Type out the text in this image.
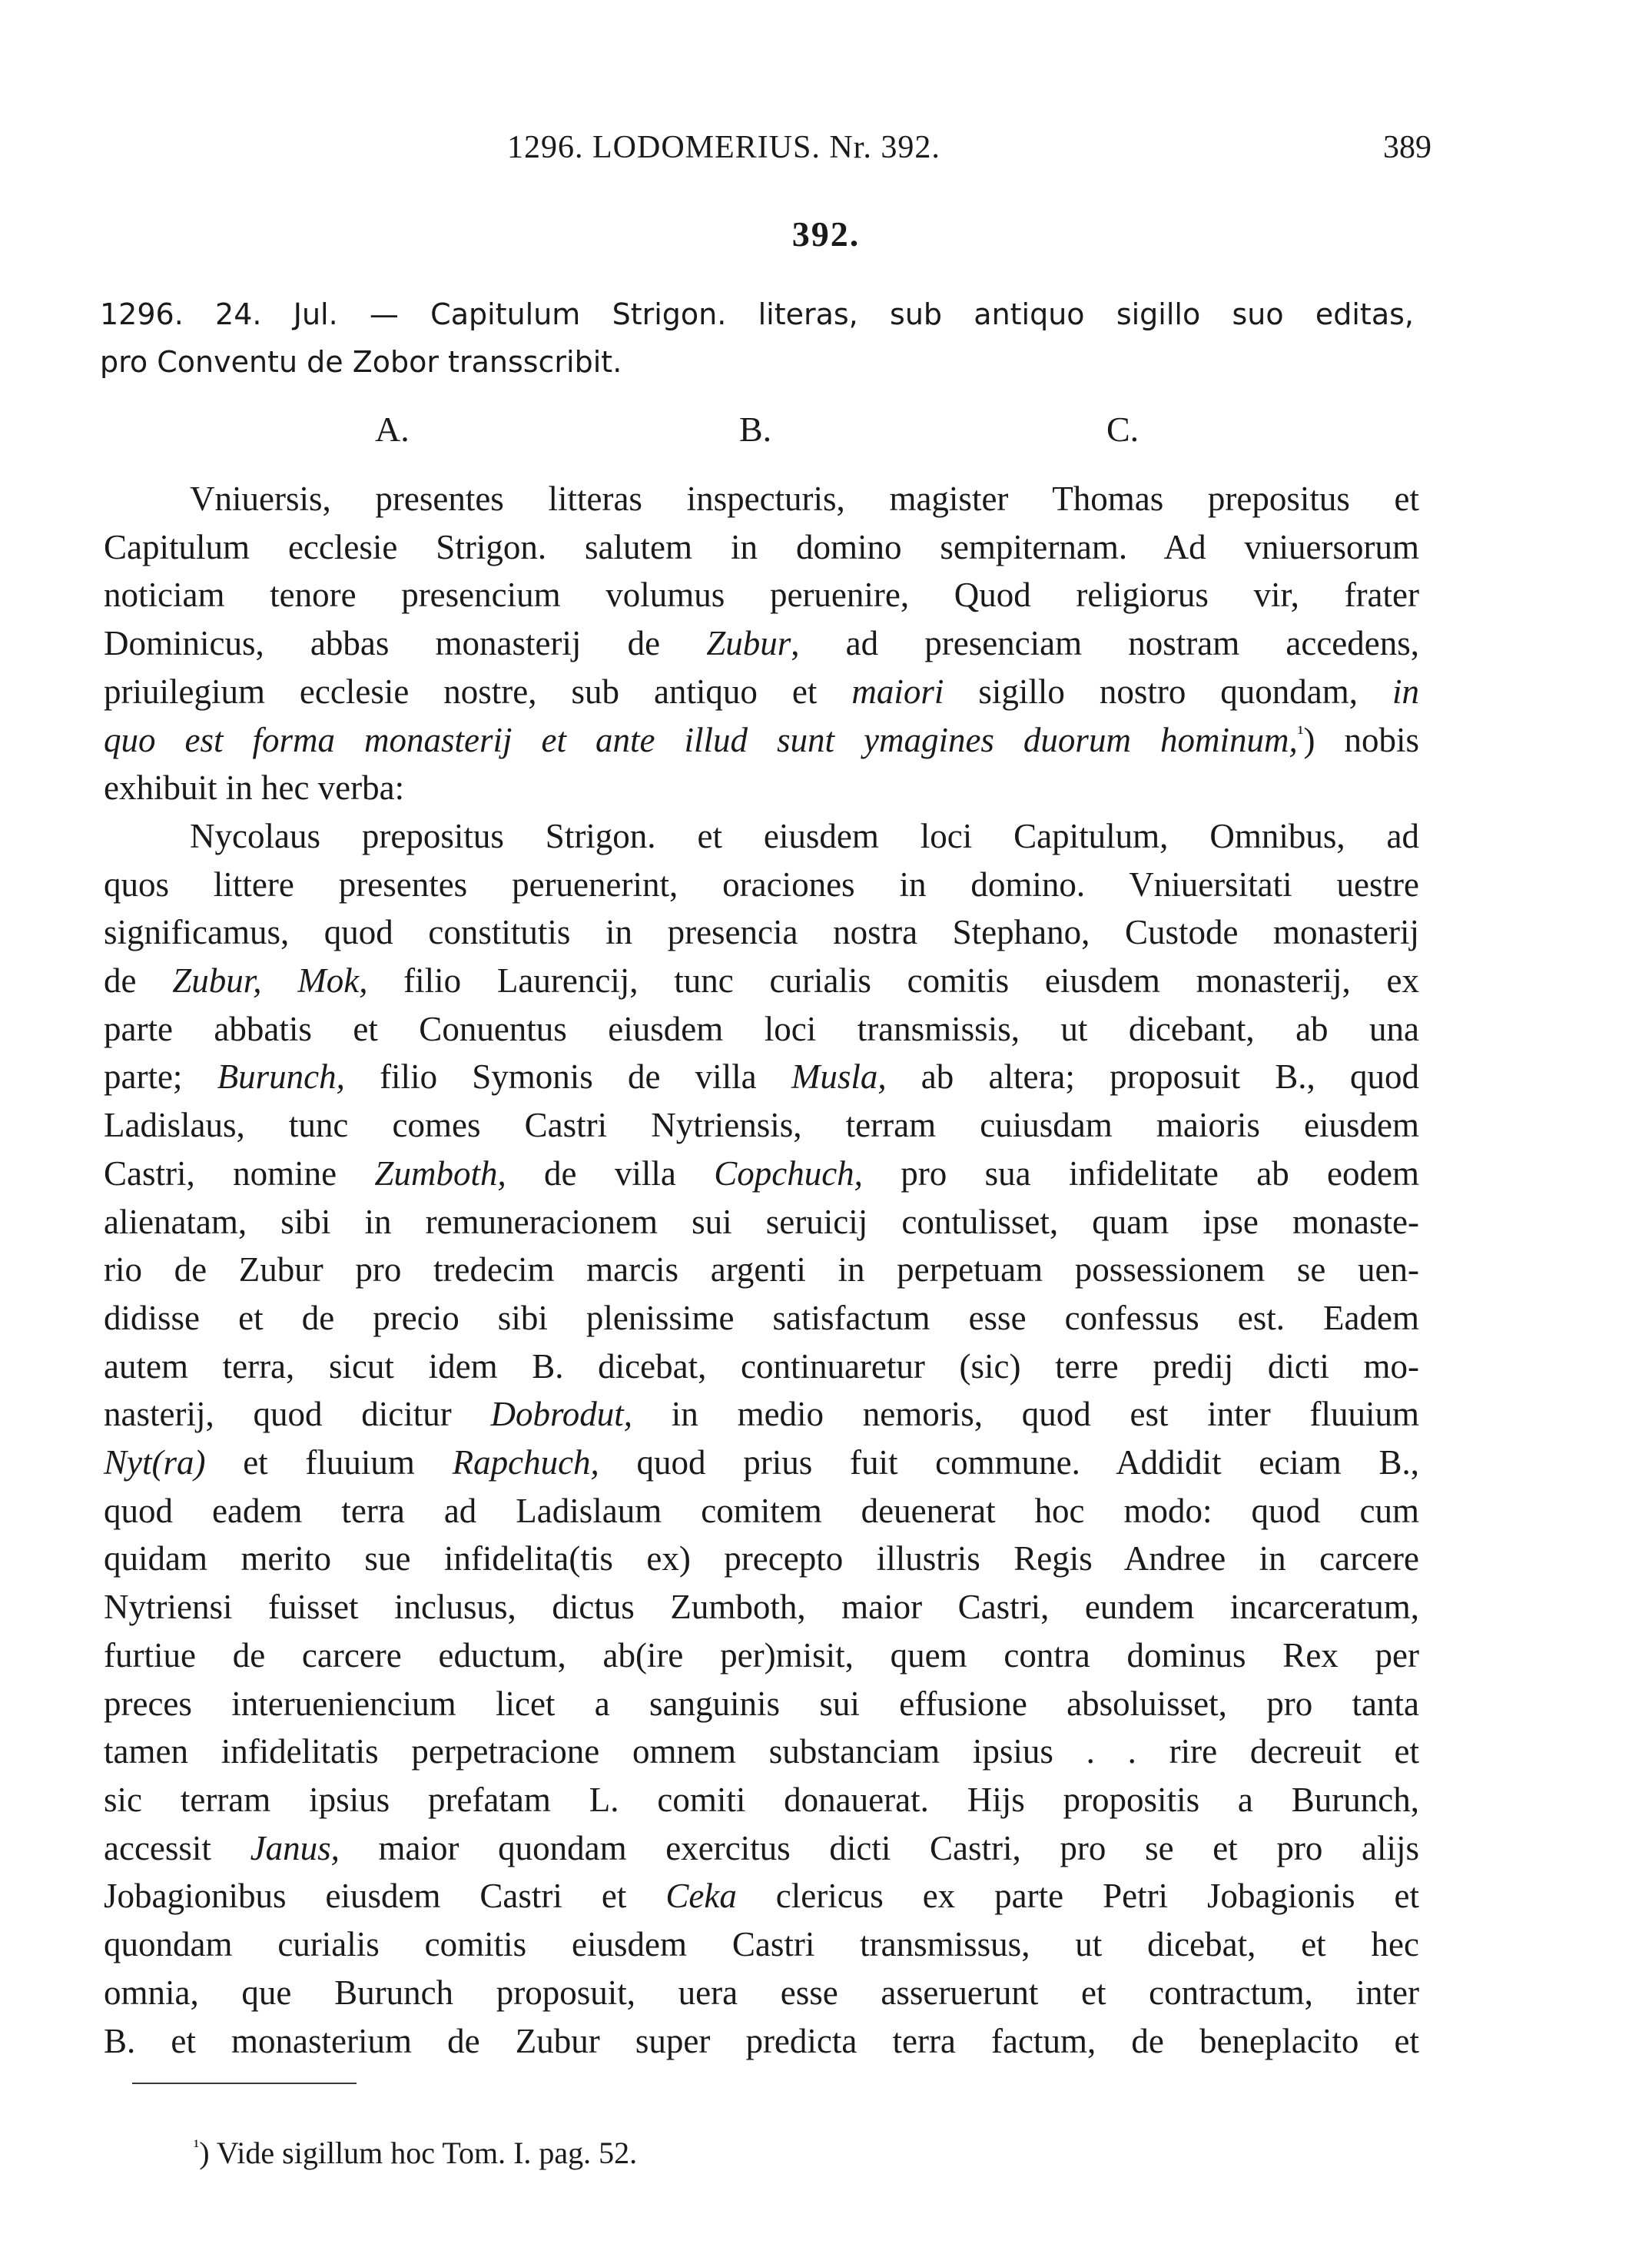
1296. LODOMERIUS. Nr. 392.	389
392.
1296. 24. Jul. — Capitulum Strigon. literas, sub antiquo sigillo suo editas,
pro Conventu de Zobor transscribit.
A.	B.	C.
Vniuersis, presentes litteras inspecturis, magister Thomas prepositus et
Capitulum ecclesie Strigon. salutem in domino sempiternam. Ad vniuersorum
noticiam tenore presencium volumus peruenire, Quod religiorus vir, frater
Dominicus, abbas monasterij de Zubur, ad presenciam nostram accedens,
priuilegium ecclesie nostre, sub antiquo et maiori sigillo nostro quondam, in
quo est forma monasterij et ante illud sunt ymagines duorum hominum,$^{^1}$) nobis
exhibuit in hec verba:
Nycolaus prepositus Strigon. et eiusdem loci Capitulum, Omnibus, ad
quos littere presentes peruenerint, oraciones in domino. Vniuersitati uestre
significamus, quod constitutis in presencia nostra Stephano, Custode monasterij
de Zubur, Mok, filio Laurencij, tunc curialis comitis eiusdem monasterij, ex
parte abbatis et Conuentus eiusdem loci transmissis, ut dicebant, ab una
parte; Burunch, filio Symonis de villa Musla, ab altera; proposuit B., quod
Ladislaus, tunc comes Castri Nytriensis, terram cuiusdam maioris eiusdem
Castri, nomine Zumboth, de villa Copchuch, pro sua infidelitate ab eodem
alienatam, sibi in remuneracionem sui seruicij contulisset, quam ipse monaste-
rio de Zubur pro tredecim marcis argenti in perpetuam possessionem se uen-
didisse et de precio sibi plenissime satisfactum esse confessus est. Eadem
autem terra, sicut idem B. dicebat, continuaretur (sic) terre predij dicti mo-
nasterij, quod dicitur Dobrodut, in medio nemoris, quod est inter fluuium
Nyt(ra) et fluuium Rapchuch, quod prius fuit commune. Addidit eciam B.,
quod eadem terra ad Ladislaum comitem deuenerat hoc modo: quod cum
quidam merito sue infidelita(tis ex) precepto illustris Regis Andree in carcere
Nytriensi fuisset inclusus, dictus Zumboth, maior Castri, eundem incarceratum,
furtiue de carcere eductum, ab(ire per)misit, quem contra dominus Rex per
preces interueniencium licet a sanguinis sui effusione absoluisset, pro tanta
tamen infidelitatis perpetracione omnem substanciam ipsius . . rire decreuit et
sic terram ipsius prefatam L. comiti donauerat. Hijs propositis a Burunch,
accessit Janus, maior quondam exercitus dicti Castri, pro se et pro alijs
Jobagionibus eiusdem Castri et Ceka clericus ex parte Petri Jobagionis et
quondam curialis comitis eiusdem Castri transmissus, ut dicebat, et hec
omnia, que Burunch proposuit, uera esse asseruerunt et contractum, inter
B. et monasterium de Zubur super predicta terra factum, de beneplacito et
$^{^1}$) Vide sigillum hoc Tom. I. pag. 52.
